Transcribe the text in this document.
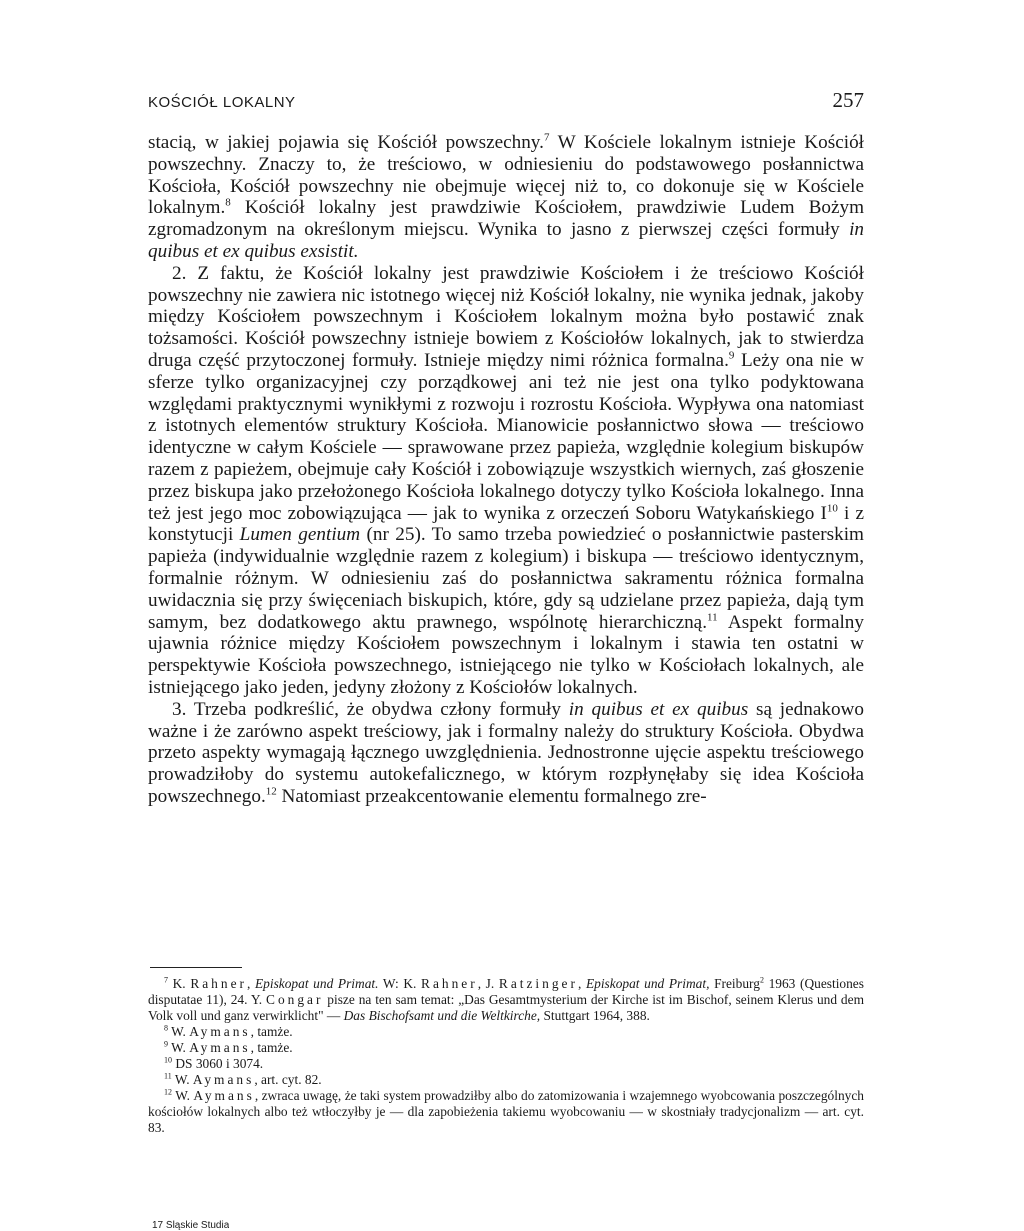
KOŚCIÓŁ LOKALNY	257

stacią, w jakiej pojawia się Kościół powszechny.$^7$ W Kościele lokalnym istnieje Kościół powszechny. Znaczy to, że treściowo, w odniesieniu do podstawowego posłannictwa Kościoła, Kościół powszechny nie obejmuje więcej niż to, co dokonuje się w Kościele lokalnym.$^8$ Kościół lokalny jest prawdziwie Kościołem, prawdziwie Ludem Bożym zgromadzonym na określonym miejscu. Wynika to jasno z pierwszej części formuły in quibus et ex quibus exsistit.

2. Z faktu, że Kościół lokalny jest prawdziwie Kościołem i że treściowo Kościół powszechny nie zawiera nic istotnego więcej niż Kościół lokalny, nie wynika jednak, jakoby między Kościołem powszechnym i Kościołem lokalnym można było postawić znak tożsamości. Kościół powszechny istnieje bowiem z Kościołów lokalnych, jak to stwierdza druga część przytoczonej formuły. Istnieje między nimi różnica formalna.$^9$ Leży ona nie w sferze tylko organizacyjnej czy porządkowej ani też nie jest ona tylko podyktowana względami praktycznymi wynikłymi z rozwoju i rozrostu Kościoła. Wypływa ona natomiast z istotnych elementów struktury Kościoła. Mianowicie posłannictwo słowa — treściowo identyczne w całym Kościele — sprawowane przez papieża, względnie kolegium biskupów razem z papieżem, obejmuje cały Kościół i zobowiązuje wszystkich wiernych, zaś głoszenie przez biskupa jako przełożonego Kościoła lokalnego dotyczy tylko Kościoła lokalnego. Inna też jest jego moc zobowiązująca — jak to wynika z orzeczeń Soboru Watykańskiego $I^{10}$ i z konstytucji Lumen gentium (nr 25). To samo trzeba powiedzieć o posłannictwie pasterskim papieża (indywidualnie względnie razem z kolegium) i biskupa — treściowo identycznym, formalnie różnym. W odniesieniu zaś do posłannictwa sakramentu różnica formalna uwidacznia się przy święceniach biskupich, które, gdy są udzielane przez papieża, dają tym samym, bez dodatkowego aktu prawnego, wspólnotę hierarchiczną.$^{11}$ Aspekt formalny ujawnia różnice między Kościołem powszechnym i lokalnym i stawia ten ostatni w perspektywie Kościoła powszechnego, istniejącego nie tylko w Kościołach lokalnych, ale istniejącego jako jeden, jedyny złożony z Kościołów lokalnych.

3. Trzeba podkreślić, że obydwa człony formuły in quibus et ex quibus są jednakowo ważne i że zarówno aspekt treściowy, jak i formalny należy do struktury Kościoła. Obydwa przeto aspekty wymagają łącznego uwzględnienia. Jednostronne ujęcie aspektu treściowego prowadziłoby do systemu autokefalicznego, w którym rozpłynęłaby się idea Kościoła powszechnego.$^{12}$ Natomiast przeakcentowanie elementu formalnego zre-

$^7$ K. Rahner, Episkopat und Primat. W: K. Rahner, J. Ratzinger, Episkopat und Primat, Freiburg$^2$ 1963 (Questiones disputatae 11), 24. Y. Congar pisze na ten sam temat: „Das Gesamtmysterium der Kirche ist im Bischof, seinem Klerus und dem Volk voll und ganz verwirklicht" — Das Bischofsamt und die Weltkirche, Stuttgart 1964, 388.

$^8$ W. Aymans, tamże.

$^9$ W. Aymans, tamże.

$^{10}$ DS 3060 i 3074.

$^{11}$ W. Aymans, art. cyt. 82.

$^{12}$ W. Aymans, zwraca uwagę, że taki system prowadziłby albo do zatomizowania i wzajemnego wyobcowania poszczególnych kościołów lokalnych albo też wtłoczyłby je — dla zapobieżenia takiemu wyobcowaniu — w skostniały tradycjonalizm — art. cyt. 83.

17 Śląskie Studia
